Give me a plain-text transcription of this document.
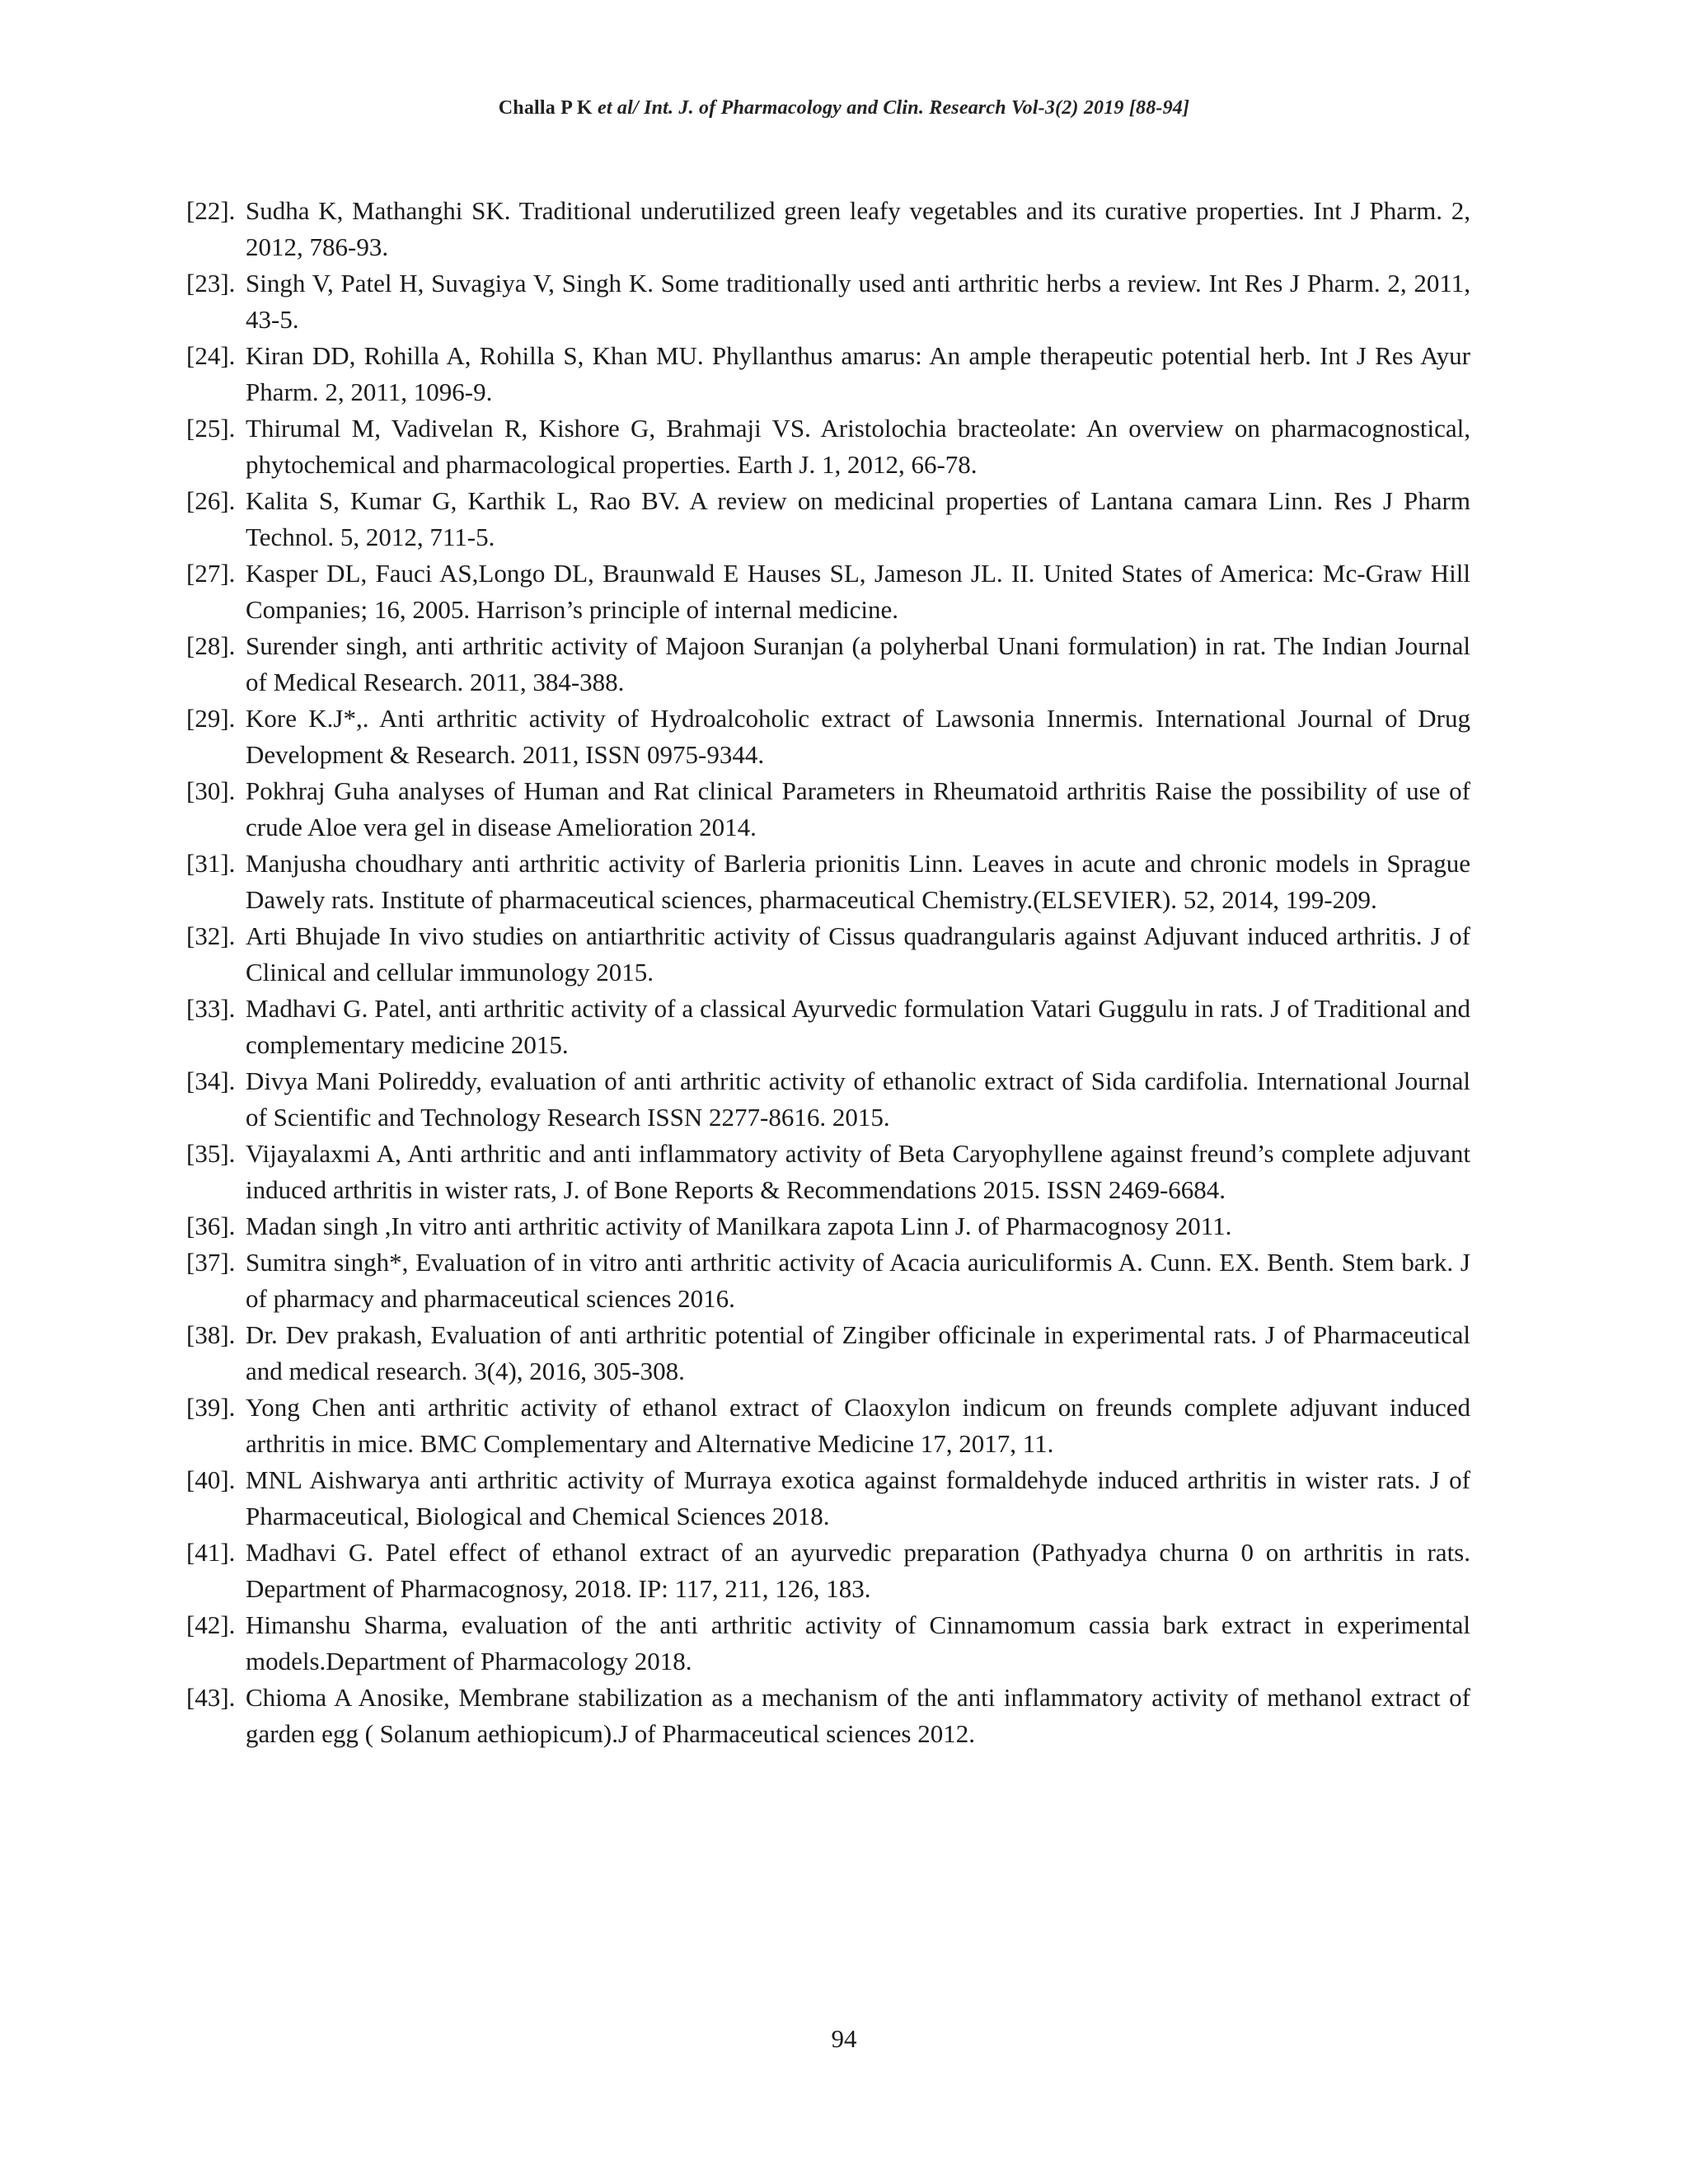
Challa P K et al/ Int. J. of Pharmacology and Clin. Research Vol-3(2) 2019 [88-94]
[22]. Sudha K, Mathanghi SK. Traditional underutilized green leafy vegetables and its curative properties. Int J Pharm. 2, 2012, 786-93.
[23]. Singh V, Patel H, Suvagiya V, Singh K. Some traditionally used anti arthritic herbs a review. Int Res J Pharm. 2, 2011, 43-5.
[24]. Kiran DD, Rohilla A, Rohilla S, Khan MU. Phyllanthus amarus: An ample therapeutic potential herb. Int J Res Ayur Pharm. 2, 2011, 1096-9.
[25]. Thirumal M, Vadivelan R, Kishore G, Brahmaji VS. Aristolochia bracteolate: An overview on pharmacognostical, phytochemical and pharmacological properties. Earth J. 1, 2012, 66-78.
[26]. Kalita S, Kumar G, Karthik L, Rao BV. A review on medicinal properties of Lantana camara Linn. Res J Pharm Technol. 5, 2012, 711-5.
[27]. Kasper DL, Fauci AS,Longo DL, Braunwald E Hauses SL, Jameson JL. II. United States of America: Mc-Graw Hill Companies; 16, 2005. Harrison’s principle of internal medicine.
[28]. Surender singh, anti arthritic activity of Majoon Suranjan (a polyherbal Unani formulation) in rat. The Indian Journal of Medical Research. 2011, 384-388.
[29]. Kore K.J*,. Anti arthritic activity of Hydroalcoholic extract of Lawsonia Innermis. International Journal of Drug Development & Research. 2011, ISSN 0975-9344.
[30]. Pokhraj Guha analyses of Human and Rat clinical Parameters in Rheumatoid arthritis Raise the possibility of use of crude Aloe vera gel in disease Amelioration 2014.
[31]. Manjusha choudhary anti arthritic activity of Barleria prionitis Linn. Leaves in acute and chronic models in Sprague Dawely rats. Institute of pharmaceutical sciences, pharmaceutical Chemistry.(ELSEVIER). 52, 2014, 199-209.
[32]. Arti Bhujade In vivo studies on antiarthritic activity of Cissus quadrangularis against Adjuvant induced arthritis. J of Clinical and cellular immunology 2015.
[33]. Madhavi G. Patel, anti arthritic activity of a classical Ayurvedic formulation Vatari Guggulu in rats. J of Traditional and complementary medicine 2015.
[34]. Divya Mani Polireddy, evaluation of anti arthritic activity of ethanolic extract of Sida cardifolia. International Journal of Scientific and Technology Research ISSN 2277-8616. 2015.
[35]. Vijayalaxmi A, Anti arthritic and anti inflammatory activity of Beta Caryophyllene against freund’s complete adjuvant induced arthritis in wister rats, J. of Bone Reports & Recommendations 2015. ISSN 2469-6684.
[36]. Madan singh ,In vitro anti arthritic activity of Manilkara zapota Linn J. of Pharmacognosy 2011.
[37]. Sumitra singh*, Evaluation of in vitro anti arthritic activity of Acacia auriculiformis A. Cunn. EX. Benth. Stem bark. J of pharmacy and pharmaceutical sciences 2016.
[38]. Dr. Dev prakash, Evaluation of anti arthritic potential of Zingiber officinale in experimental rats. J of Pharmaceutical and medical research. 3(4), 2016, 305-308.
[39]. Yong Chen anti arthritic activity of ethanol extract of Claoxylon indicum on freunds complete adjuvant induced arthritis in mice. BMC Complementary and Alternative Medicine 17, 2017, 11.
[40]. MNL Aishwarya anti arthritic activity of Murraya exotica against formaldehyde induced arthritis in wister rats. J of Pharmaceutical, Biological and Chemical Sciences 2018.
[41]. Madhavi G. Patel effect of ethanol extract of an ayurvedic preparation (Pathyadya churna 0 on arthritis in rats. Department of Pharmacognosy, 2018. IP: 117, 211, 126, 183.
[42]. Himanshu Sharma, evaluation of the anti arthritic activity of Cinnamomum cassia bark extract in experimental models.Department of Pharmacology 2018.
[43]. Chioma A Anosike, Membrane stabilization as a mechanism of the anti inflammatory activity of methanol extract of garden egg ( Solanum aethiopicum).J of Pharmaceutical sciences 2012.
94
